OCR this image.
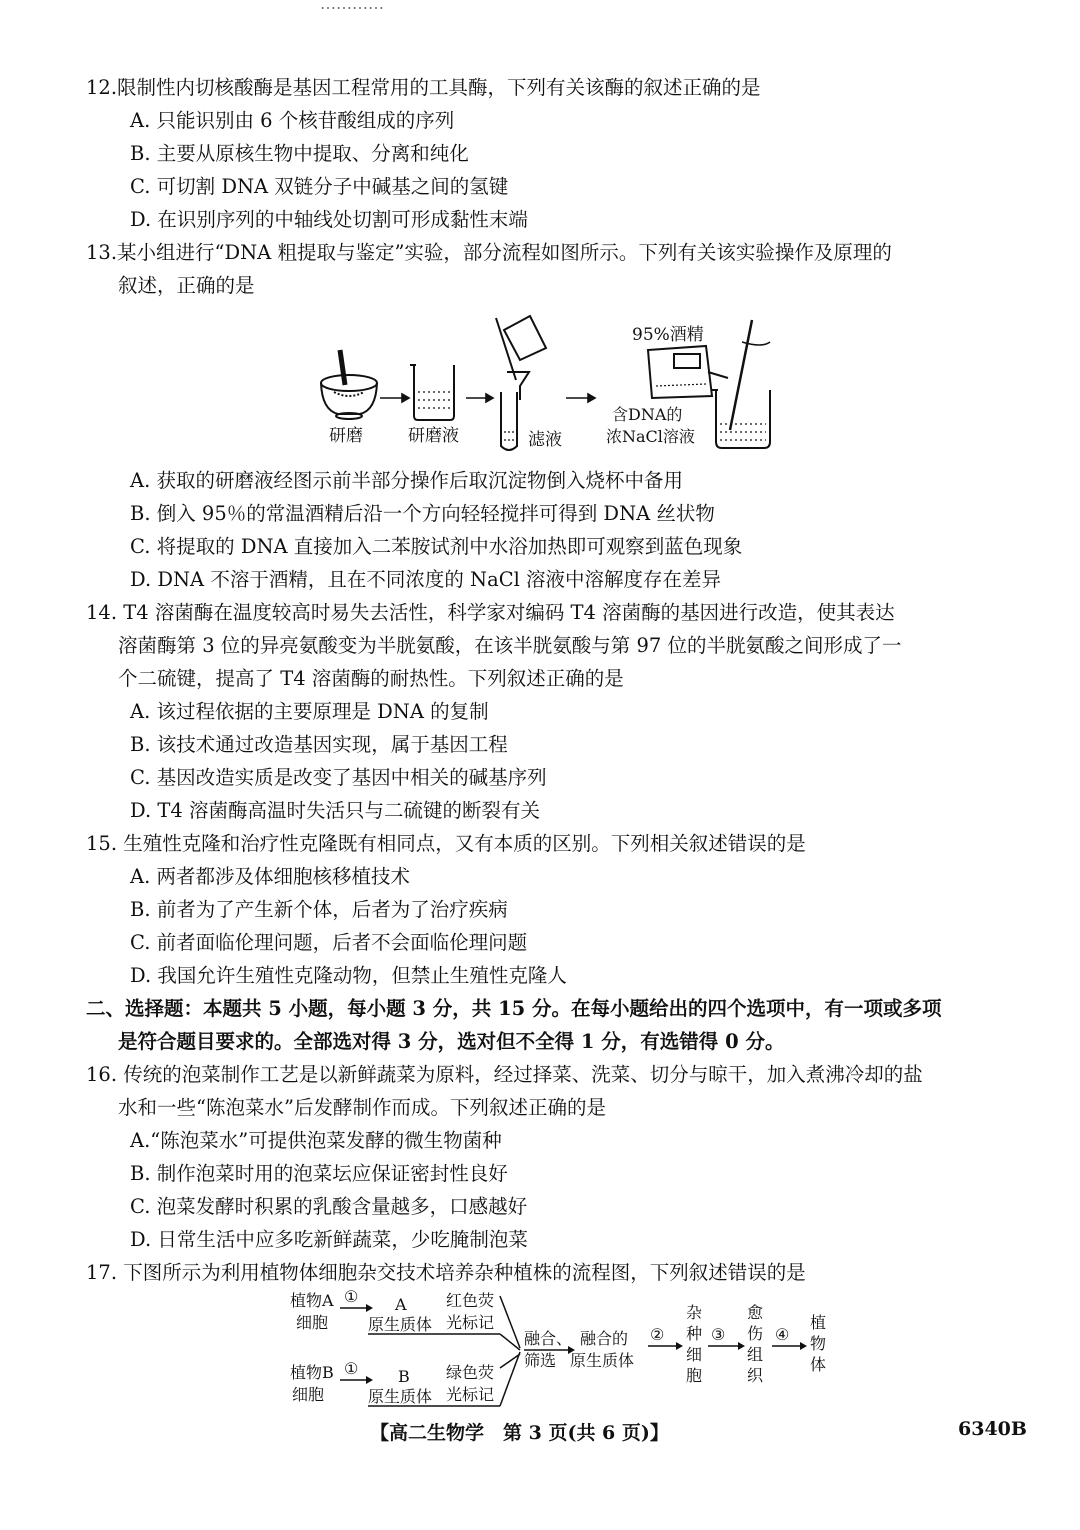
…………
12.限制性内切核酸酶是基因工程常用的工具酶，下列有关该酶的叙述正确的是
A. 只能识别由 6 个核苷酸组成的序列
B. 主要从原核生物中提取、分离和纯化
C. 可切割 DNA 双链分子中碱基之间的氢键
D. 在识别序列的中轴线处切割可形成黏性末端
13.某小组进行“DNA 粗提取与鉴定”实验，部分流程如图所示。下列有关该实验操作及原理的
叙述，正确的是
研磨	研磨液	滤液
95%酒精
含DNA的
浓NaCl溶液
A. 获取的研磨液经图示前半部分操作后取沉淀物倒入烧杯中备用
B. 倒入 95％的常温酒精后沿一个方向轻轻搅拌可得到 DNA 丝状物
C. 将提取的 DNA 直接加入二苯胺试剂中水浴加热即可观察到蓝色现象
D. DNA 不溶于酒精，且在不同浓度的 NaCl 溶液中溶解度存在差异
14. T4 溶菌酶在温度较高时易失去活性，科学家对编码 T4 溶菌酶的基因进行改造，使其表达
溶菌酶第 3 位的异亮氨酸变为半胱氨酸，在该半胱氨酸与第 97 位的半胱氨酸之间形成了一
个二硫键，提高了 T4 溶菌酶的耐热性。下列叙述正确的是
A. 该过程依据的主要原理是 DNA 的复制
B. 该技术通过改造基因实现，属于基因工程
C. 基因改造实质是改变了基因中相关的碱基序列
D. T4 溶菌酶高温时失活只与二硫键的断裂有关
15. 生殖性克隆和治疗性克隆既有相同点，又有本质的区别。下列相关叙述错误的是
A. 两者都涉及体细胞核移植技术
B. 前者为了产生新个体，后者为了治疗疾病
C. 前者面临伦理问题，后者不会面临伦理问题
D. 我国允许生殖性克隆动物，但禁止生殖性克隆人
二、选择题：本题共 5 小题，每小题 3 分，共 15 分。在每小题给出的四个选项中，有一项或多项
是符合题目要求的。全部选对得 3 分，选对但不全得 1 分，有选错得 0 分。
16. 传统的泡菜制作工艺是以新鲜蔬菜为原料，经过择菜、洗菜、切分与晾干，加入煮沸冷却的盐
水和一些“陈泡菜水”后发酵制作而成。下列叙述正确的是
A.“陈泡菜水”可提供泡菜发酵的微生物菌种
B. 制作泡菜时用的泡菜坛应保证密封性良好
C. 泡菜发酵时积累的乳酸含量越多，口感越好
D. 日常生活中应多吃新鲜蔬菜，少吃腌制泡菜
17. 下图所示为利用植物体细胞杂交技术培养杂种植株的流程图，下列叙述错误的是
植物A
细胞
植物B
细胞
①
①
A
原生质体
B
原生质体
红色荧
光标记
绿色荧
光标记
融合、
筛选
融合的
原生质体
②	③	④
杂
种
细
胞
愈
伤
组
织
植
物
体
【高二生物学　第 3 页(共 6 页)】	6340B
